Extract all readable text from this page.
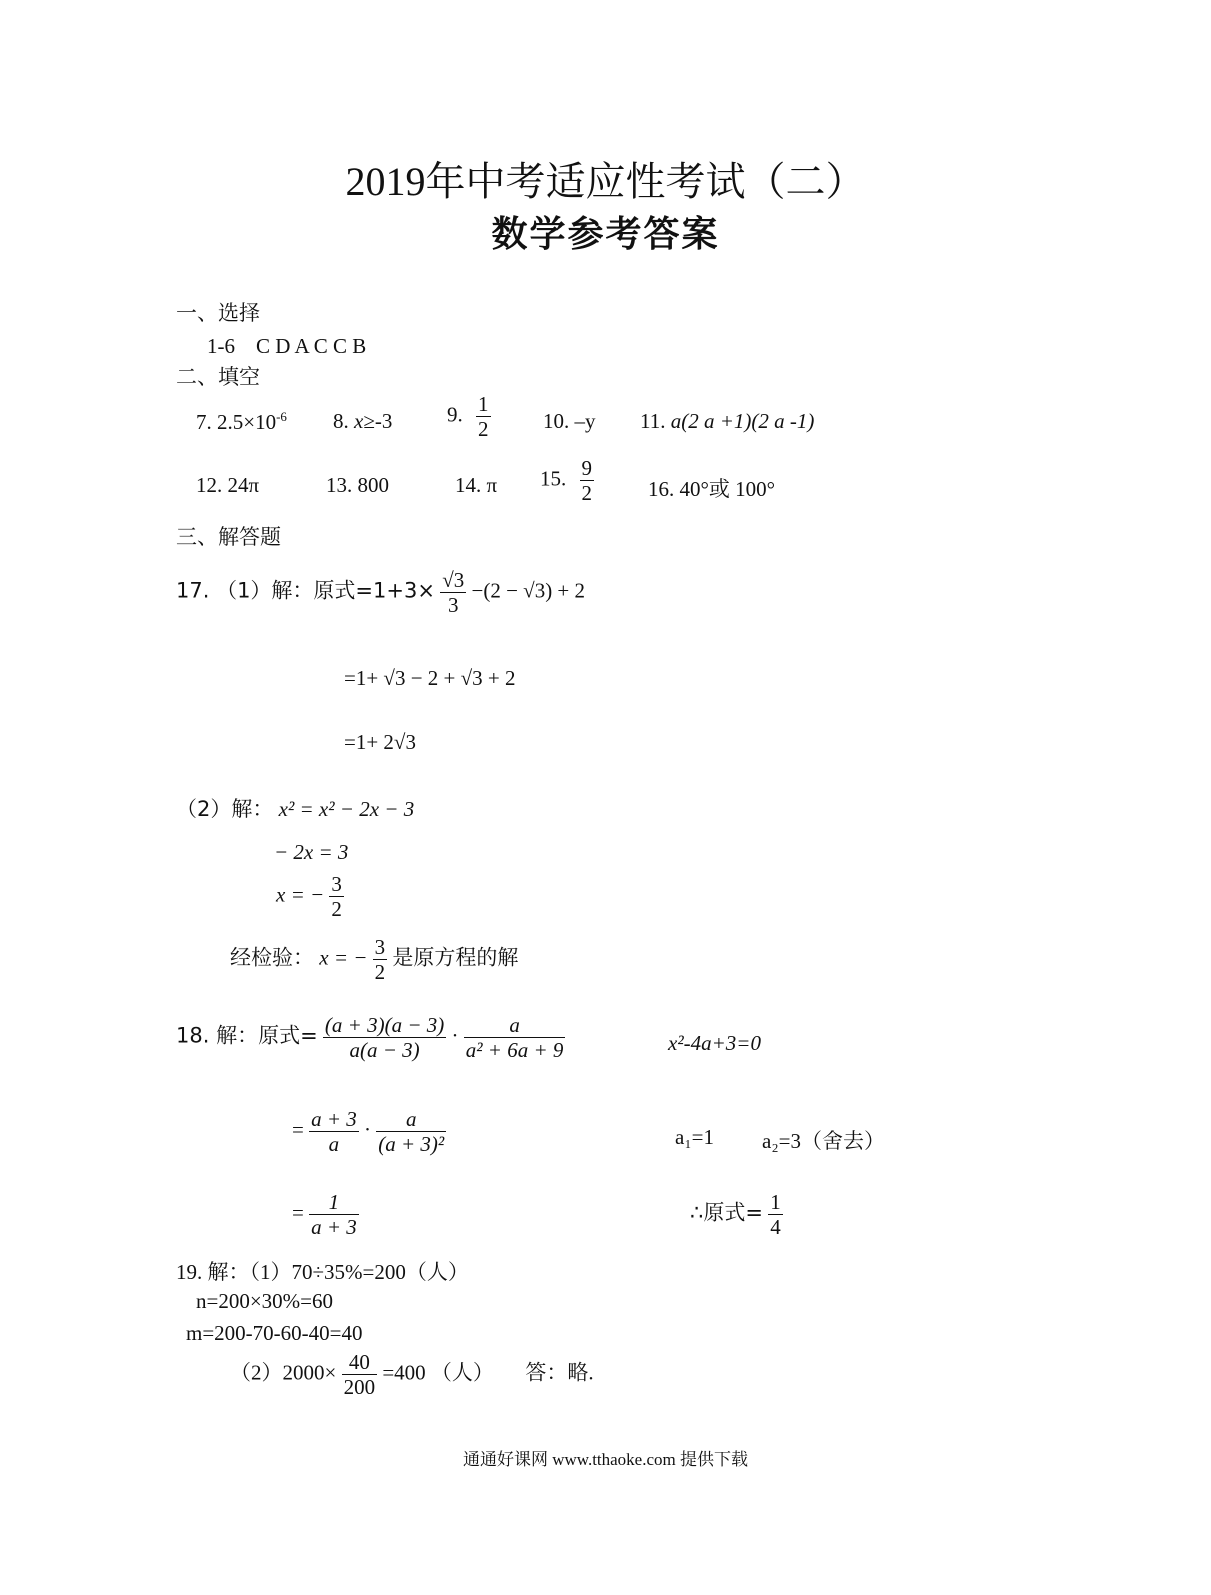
2019年中考适应性考试（二）
数学参考答案
一、选择
1-6　C D A C C B
二、填空
7. $2.5\times 10^{-6}$ 8. x≥-3	9. $\frac{1}{2}$	10. –y 11. a(2 a +1)(2 a -1)
12. 24π	13. 800	14. π 15. $\frac{9}{2}$	16. 40°或 100°
三、解答题
17. （1）解：原式$=1+3\times \frac{√3}{3} -(2 - √3) + 2$
=1+ √3 − 2 + √3 + 2
=1+ 2√3
（2）解： x² = x² − 2x − 3
− 2x = 3
x = − $\frac{3}{2}$
经检验： x = − $\frac{3}{2}$ 是原方程的解
18. 解：原式= $\frac{(a + 3)(a - 3)}{a(a - 3)} \cdot \frac{a}{\text{a² + 6a + 9}}$	x²-4a+3=0
= $\frac{a + 3}{a} \cdot \frac{a}{\text{(a + 3)²}}$	a₁=1 a₂=3（舍去）
= $\frac{1}{a + 3}$	∴原式= $\frac{1}{4}$
19. 解：（1）70÷35%=200（人）
n=200×30%=60
m=200-70-60-40=40
$(2)2000\times \frac{40}{200} =400$ （人）　　答：略.
通通好课网 www.tthaoke.com 提供下载
